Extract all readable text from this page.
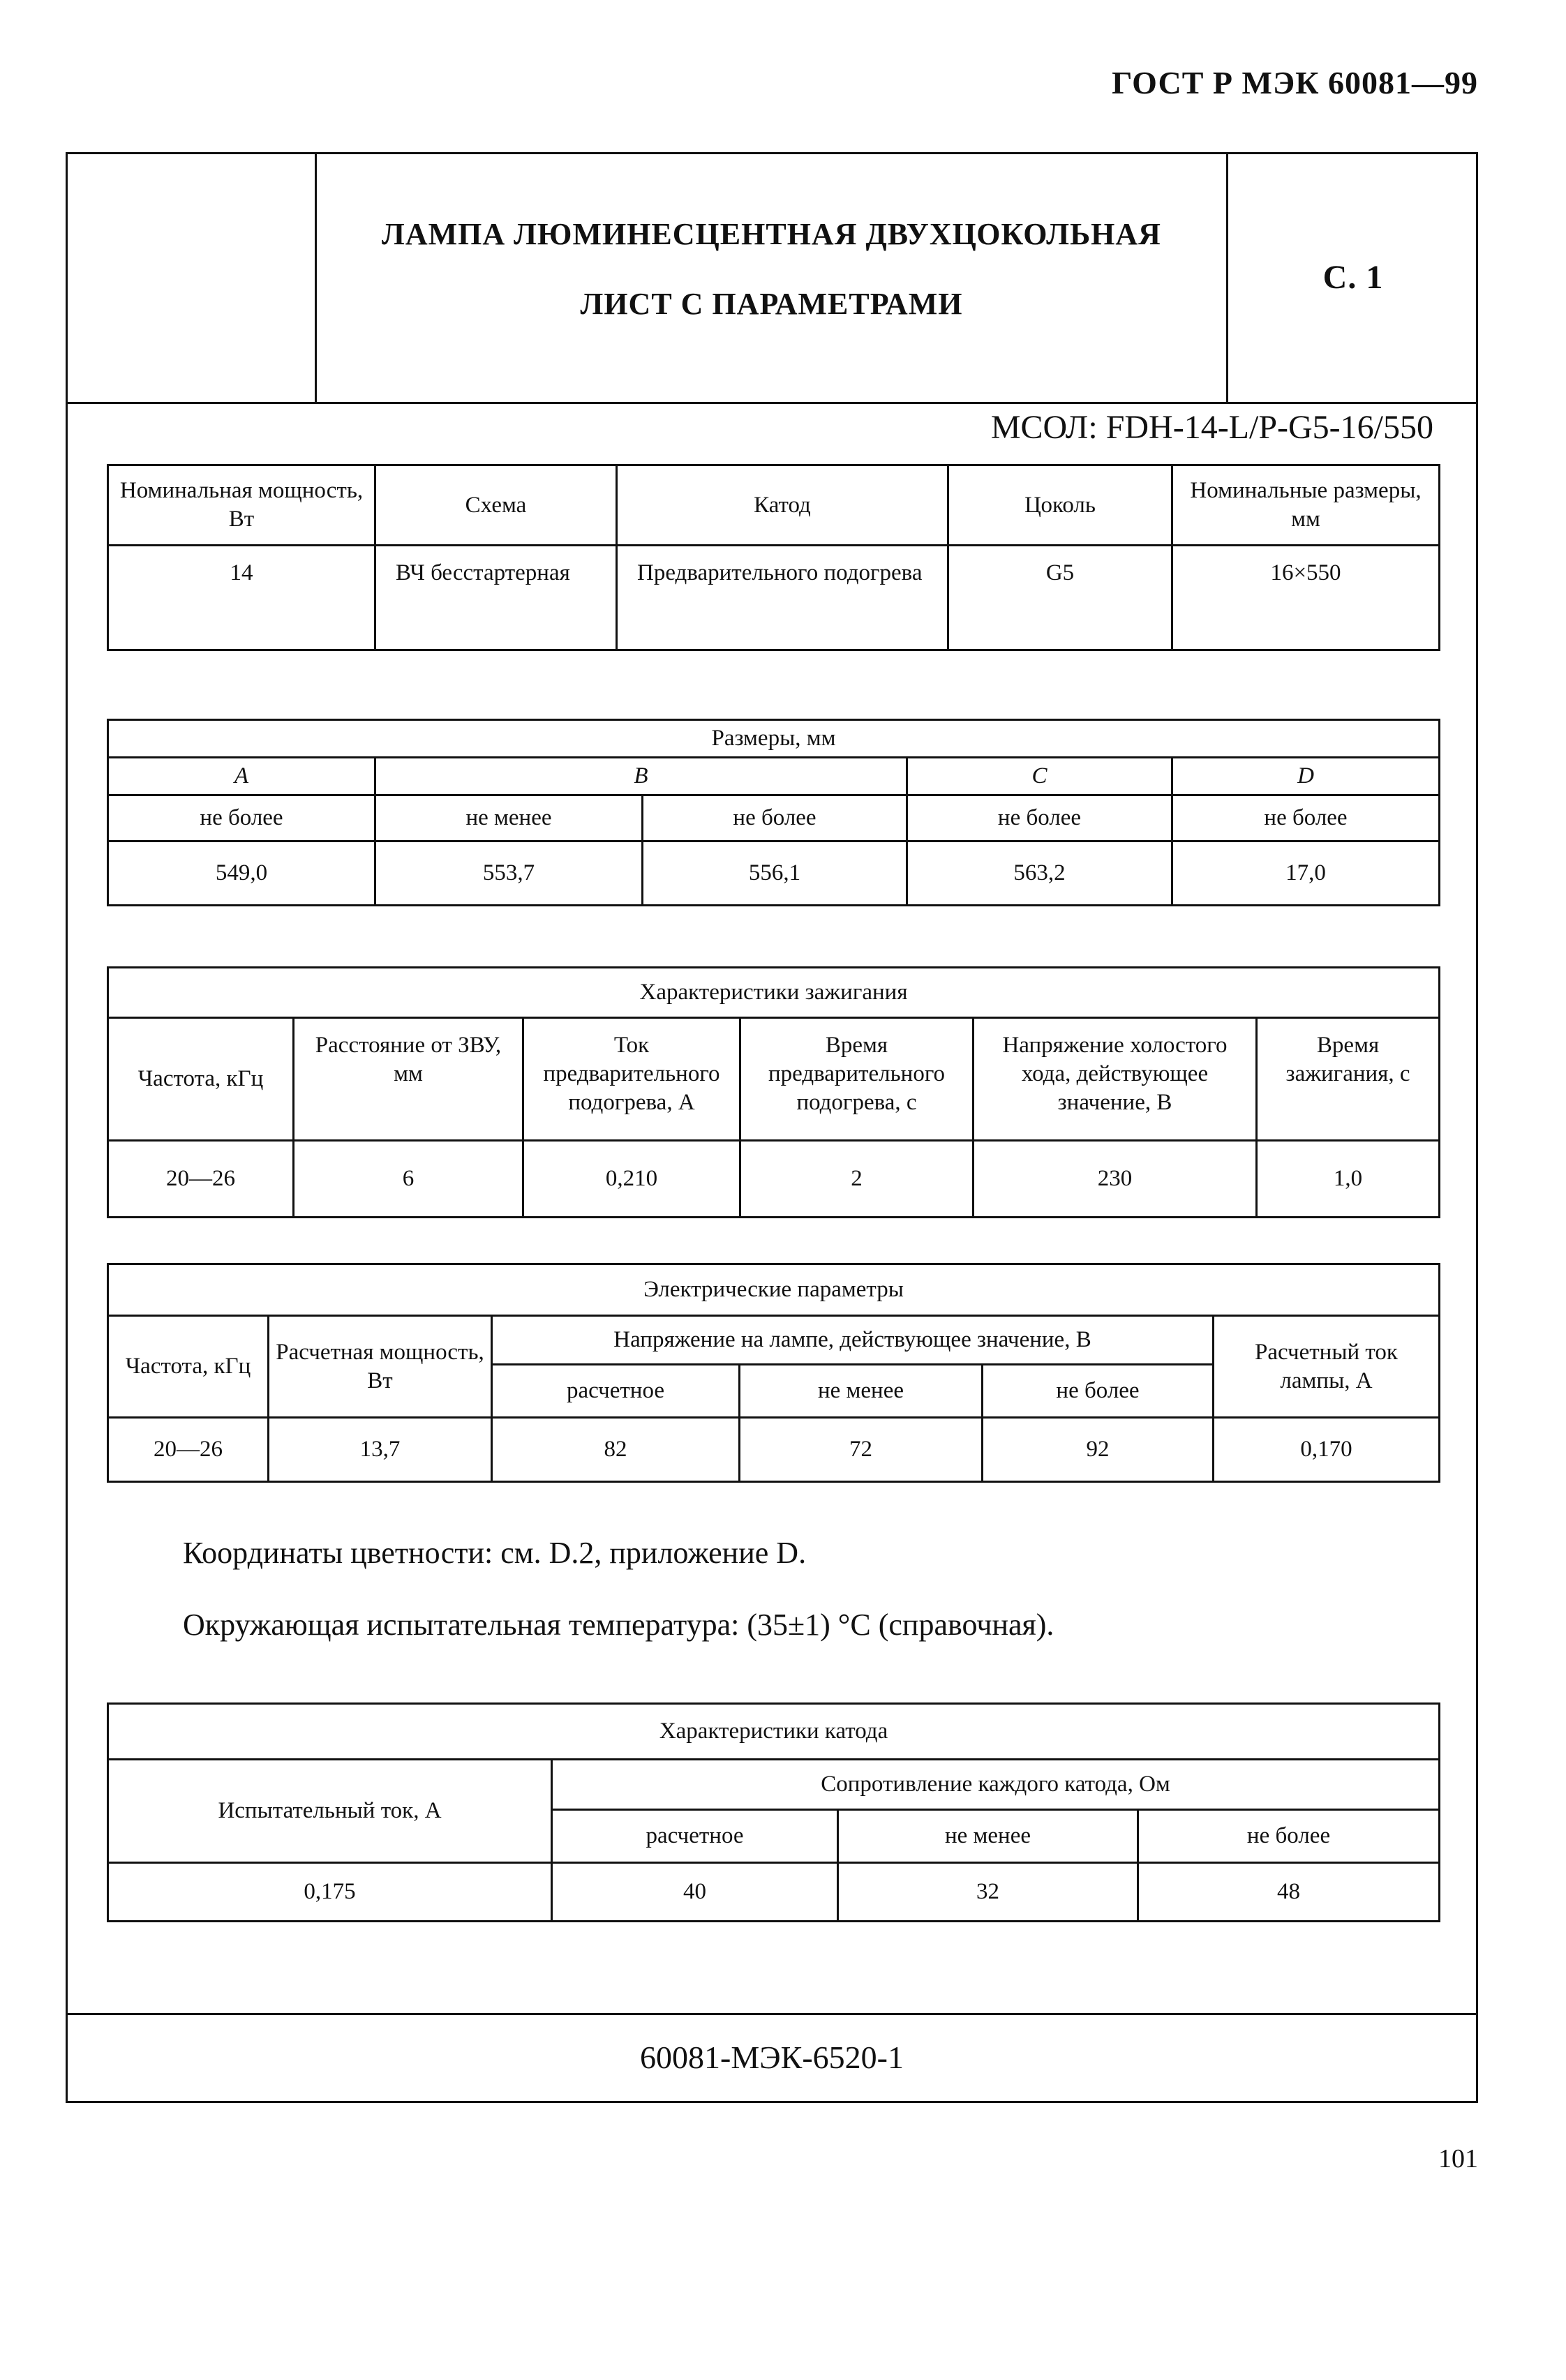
ГОСТ Р МЭК 60081—99
ЛАМПА ЛЮМИНЕСЦЕНТНАЯ ДВУХЦОКОЛЬНАЯ
ЛИСТ С ПАРАМЕТРАМИ
С. 1
МСОЛ: FDH-14-L/P-G5-16/550
Номинальная мощность, Вт	Схема	Катод	Цоколь	Номинальные размеры, мм
14	ВЧ бесстартерная	Предварительного подогрева	G5	16×550
Размеры, мм				
A	B		C	D
не более	не менее	не более	не более	не более
549,0	553,7	556,1	563,2	17,0
Характеристики зажигания					
Частота, кГц	Расстояние от ЗВУ, мм	Ток предварительного подогрева, А	Время предварительного подогрева, с	Напряжение холостого хода, действующее значение, В	Время зажигания, с
20—26	6	0,210	2	230	1,0
Электрические параметры					
Частота, кГц	Расчетная мощность, Вт	Напряжение на лампе, действующее значение, В			Расчетный ток лампы, А
		расчетное	не менее	не более	
20—26	13,7	82	72	92	0,170
Координаты цветности: см. D.2, приложение D.
Окружающая испытательная температура: (35±1) °С (справочная).
Характеристики катода			
Испытательный ток, А	Сопротивление каждого катода, Ом		
	расчетное	не менее	не более
0,175	40	32	48
60081-МЭК-6520-1
101
